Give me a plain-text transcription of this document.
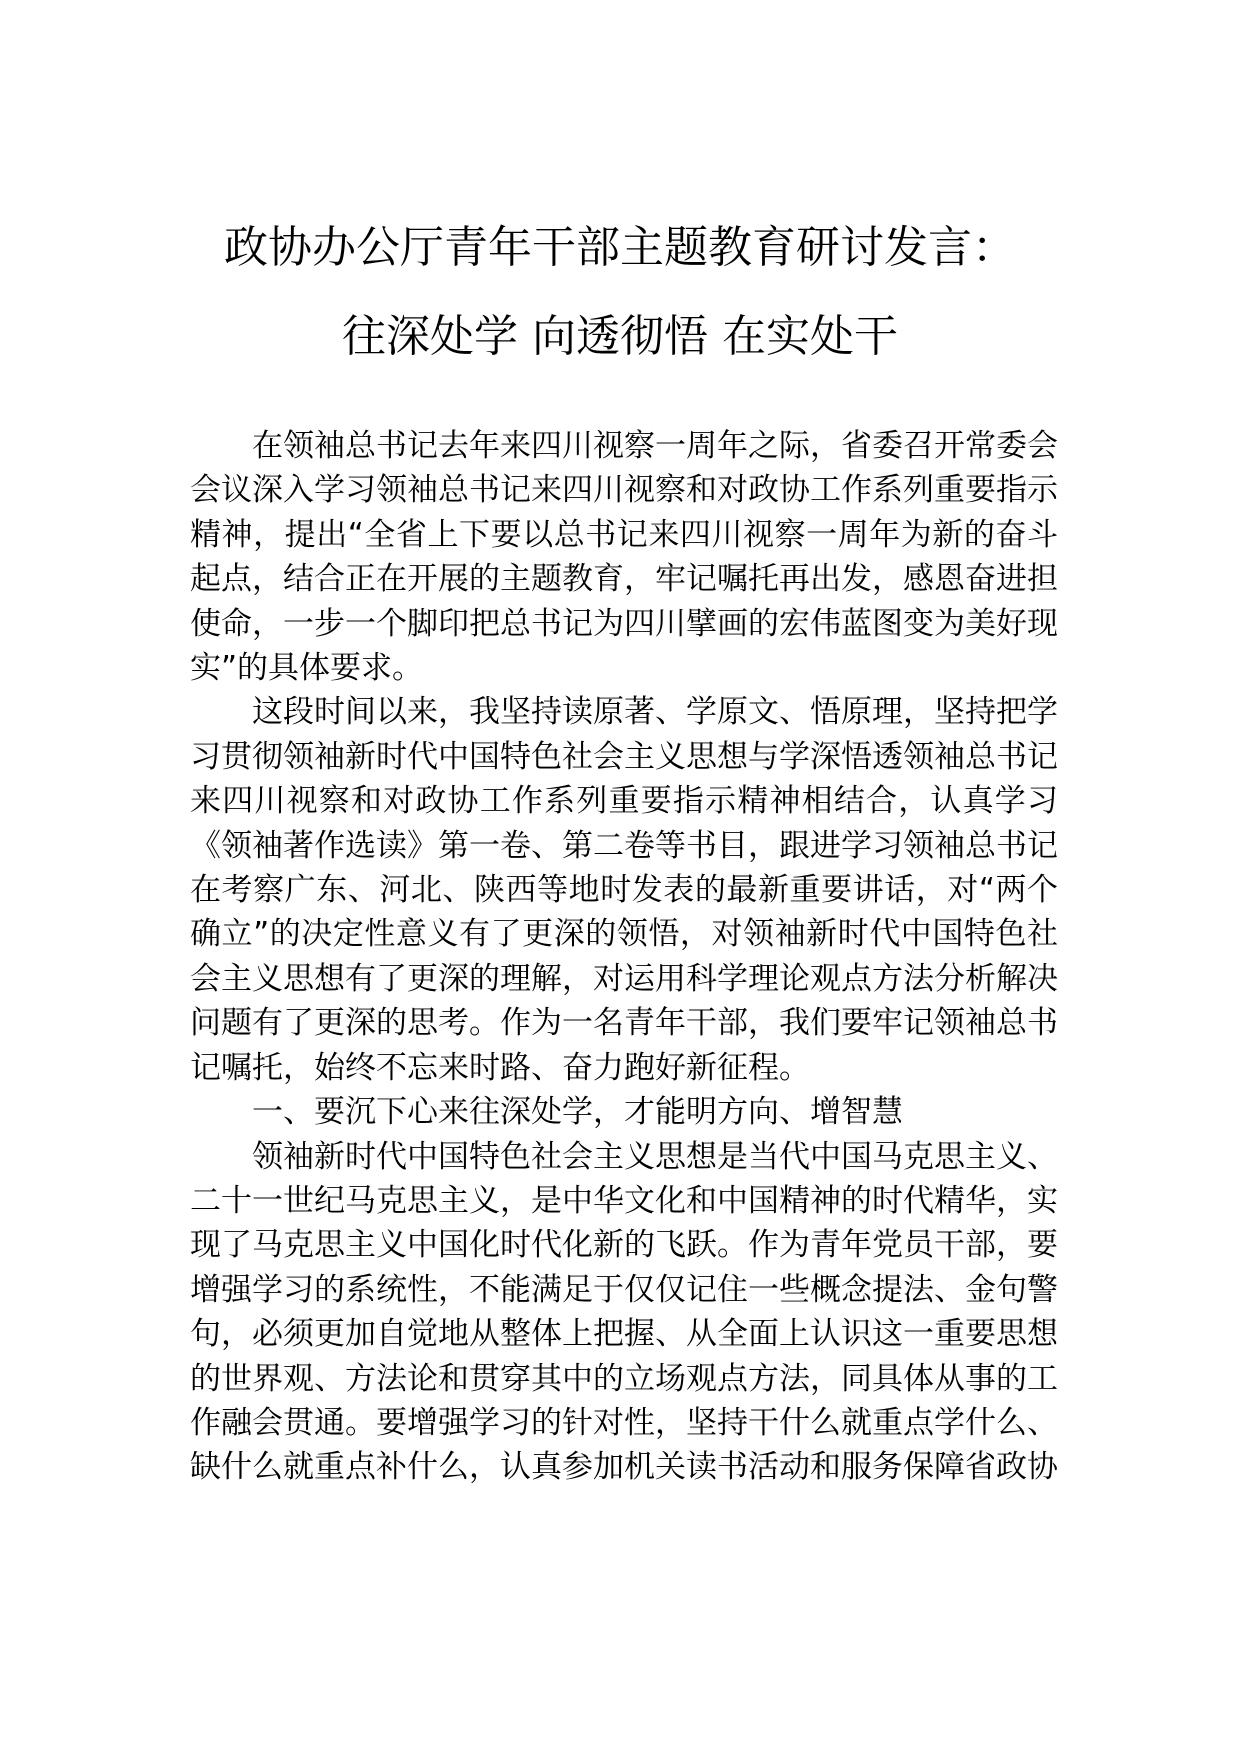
政协办公厅青年干部主题教育研讨发言：
往深处学 向透彻悟 在实处干

在领袖总书记去年来四川视察一周年之际，省委召开常委会会议深入学习领袖总书记来四川视察和对政协工作系列重要指示精神，提出“全省上下要以总书记来四川视察一周年为新的奋斗起点，结合正在开展的主题教育，牢记嘱托再出发，感恩奋进担使命，一步一个脚印把总书记为四川擘画的宏伟蓝图变为美好现实”的具体要求。

这段时间以来，我坚持读原著、学原文、悟原理，坚持把学习贯彻领袖新时代中国特色社会主义思想与学深悟透领袖总书记来四川视察和对政协工作系列重要指示精神相结合，认真学习《领袖著作选读》第一卷、第二卷等书目，跟进学习领袖总书记在考察广东、河北、陕西等地时发表的最新重要讲话，对“两个确立”的决定性意义有了更深的领悟，对领袖新时代中国特色社会主义思想有了更深的理解，对运用科学理论观点方法分析解决问题有了更深的思考。作为一名青年干部，我们要牢记领袖总书记嘱托，始终不忘来时路、奋力跑好新征程。

一、要沉下心来往深处学，才能明方向、增智慧

领袖新时代中国特色社会主义思想是当代中国马克思主义、二十一世纪马克思主义，是中华文化和中国精神的时代精华，实现了马克思主义中国化时代化新的飞跃。作为青年党员干部，要增强学习的系统性，不能满足于仅仅记住一些概念提法、金句警句，必须更加自觉地从整体上把握、从全面上认识这一重要思想的世界观、方法论和贯穿其中的立场观点方法，同具体从事的工作融会贯通。要增强学习的针对性，坚持干什么就重点学什么、缺什么就重点补什么，认真参加机关读书活动和服务保障省政协
